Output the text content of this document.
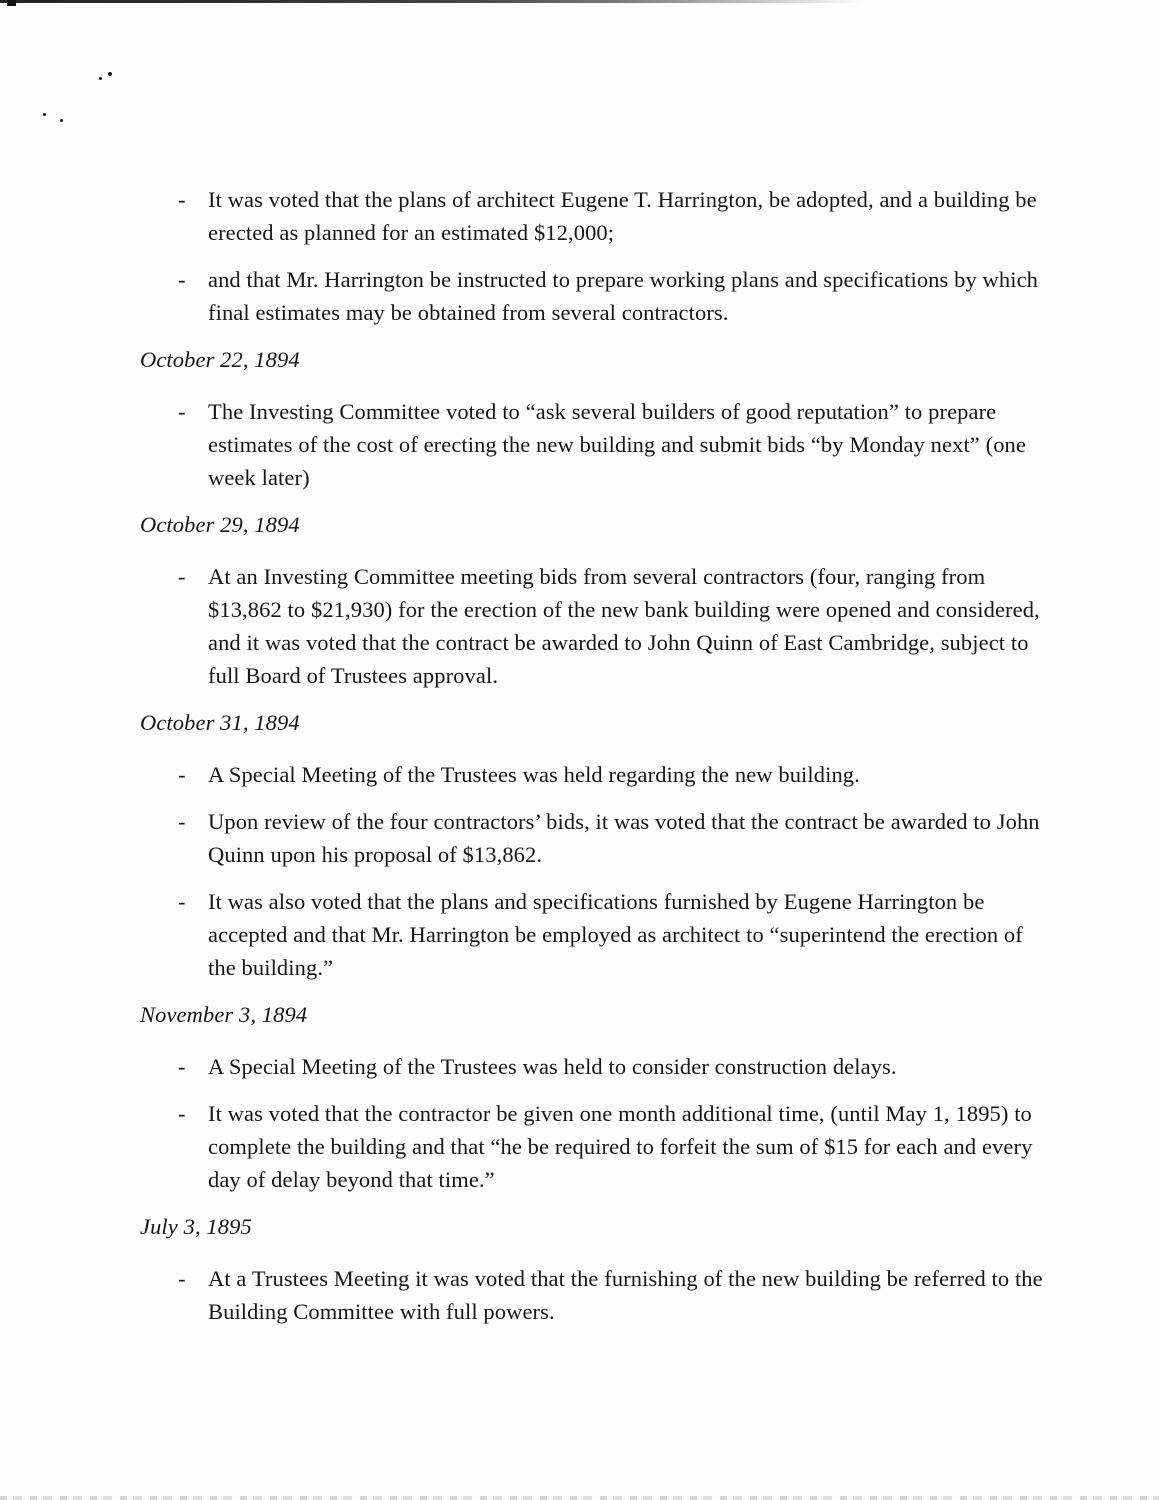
- It was voted that the plans of architect Eugene T. Harrington, be adopted, and a building be erected as planned for an estimated $12,000;

- and that Mr. Harrington be instructed to prepare working plans and specifications by which final estimates may be obtained from several contractors.

October 22, 1894
- The Investing Committee voted to “ask several builders of good reputation” to prepare estimates of the cost of erecting the new building and submit bids “by Monday next” (one week later)

October 29, 1894
- At an Investing Committee meeting bids from several contractors (four, ranging from $13,862 to $21,930) for the erection of the new bank building were opened and considered, and it was voted that the contract be awarded to John Quinn of East Cambridge, subject to full Board of Trustees approval.

October 31, 1894
- A Special Meeting of the Trustees was held regarding the new building.

- Upon review of the four contractors’ bids, it was voted that the contract be awarded to John Quinn upon his proposal of $13,862.

- It was also voted that the plans and specifications furnished by Eugene Harrington be accepted and that Mr. Harrington be employed as architect to “superintend the erection of the building.”

November 3, 1894
- A Special Meeting of the Trustees was held to consider construction delays.

- It was voted that the contractor be given one month additional time, (until May 1, 1895) to complete the building and that “he be required to forfeit the sum of $15 for each and every day of delay beyond that time.”

July 3, 1895
- At a Trustees Meeting it was voted that the furnishing of the new building be referred to the Building Committee with full powers.
